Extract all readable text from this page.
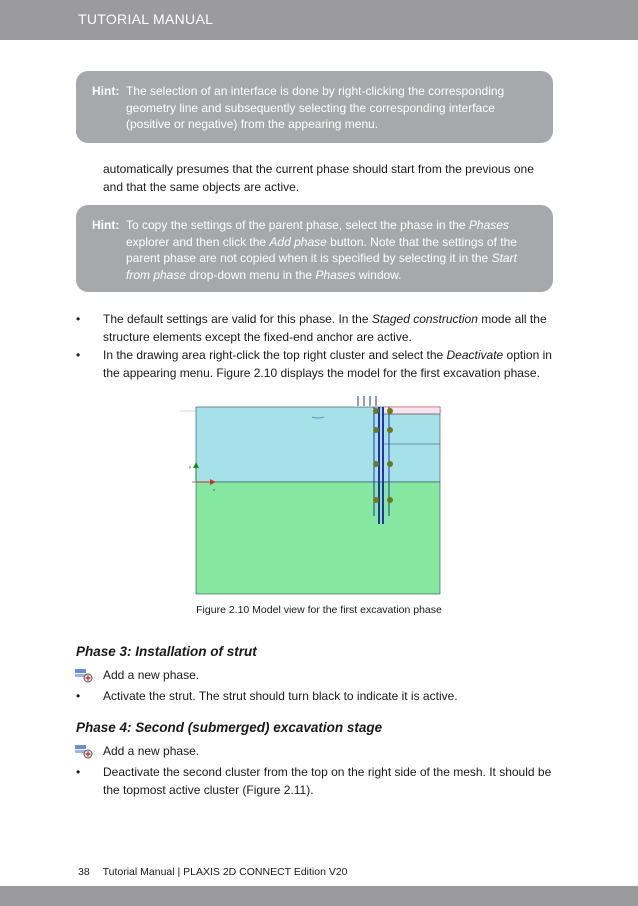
TUTORIAL MANUAL
Hint: The selection of an interface is done by right-clicking the corresponding geometry line and subsequently selecting the corresponding interface (positive or negative) from the appearing menu.
automatically presumes that the current phase should start from the previous one and that the same objects are active.
Hint: To copy the settings of the parent phase, select the phase in the Phases explorer and then click the Add phase button. Note that the settings of the parent phase are not copied when it is specified by selecting it in the Start from phase drop-down menu in the Phases window.
• The default settings are valid for this phase. In the Staged construction mode all the structure elements except the fixed-end anchor are active.
• In the drawing area right-click the top right cluster and select the Deactivate option in the appearing menu. Figure 2.10 displays the model for the first excavation phase.
y
x
Figure 2.10 Model view for the first excavation phase
Phase 3: Installation of strut
Add a new phase.
• Activate the strut. The strut should turn black to indicate it is active.
Phase 4: Second (submerged) excavation stage
Add a new phase.
• Deactivate the second cluster from the top on the right side of the mesh. It should be the topmost active cluster (Figure 2.11).
38 Tutorial Manual | PLAXIS 2D CONNECT Edition V20
